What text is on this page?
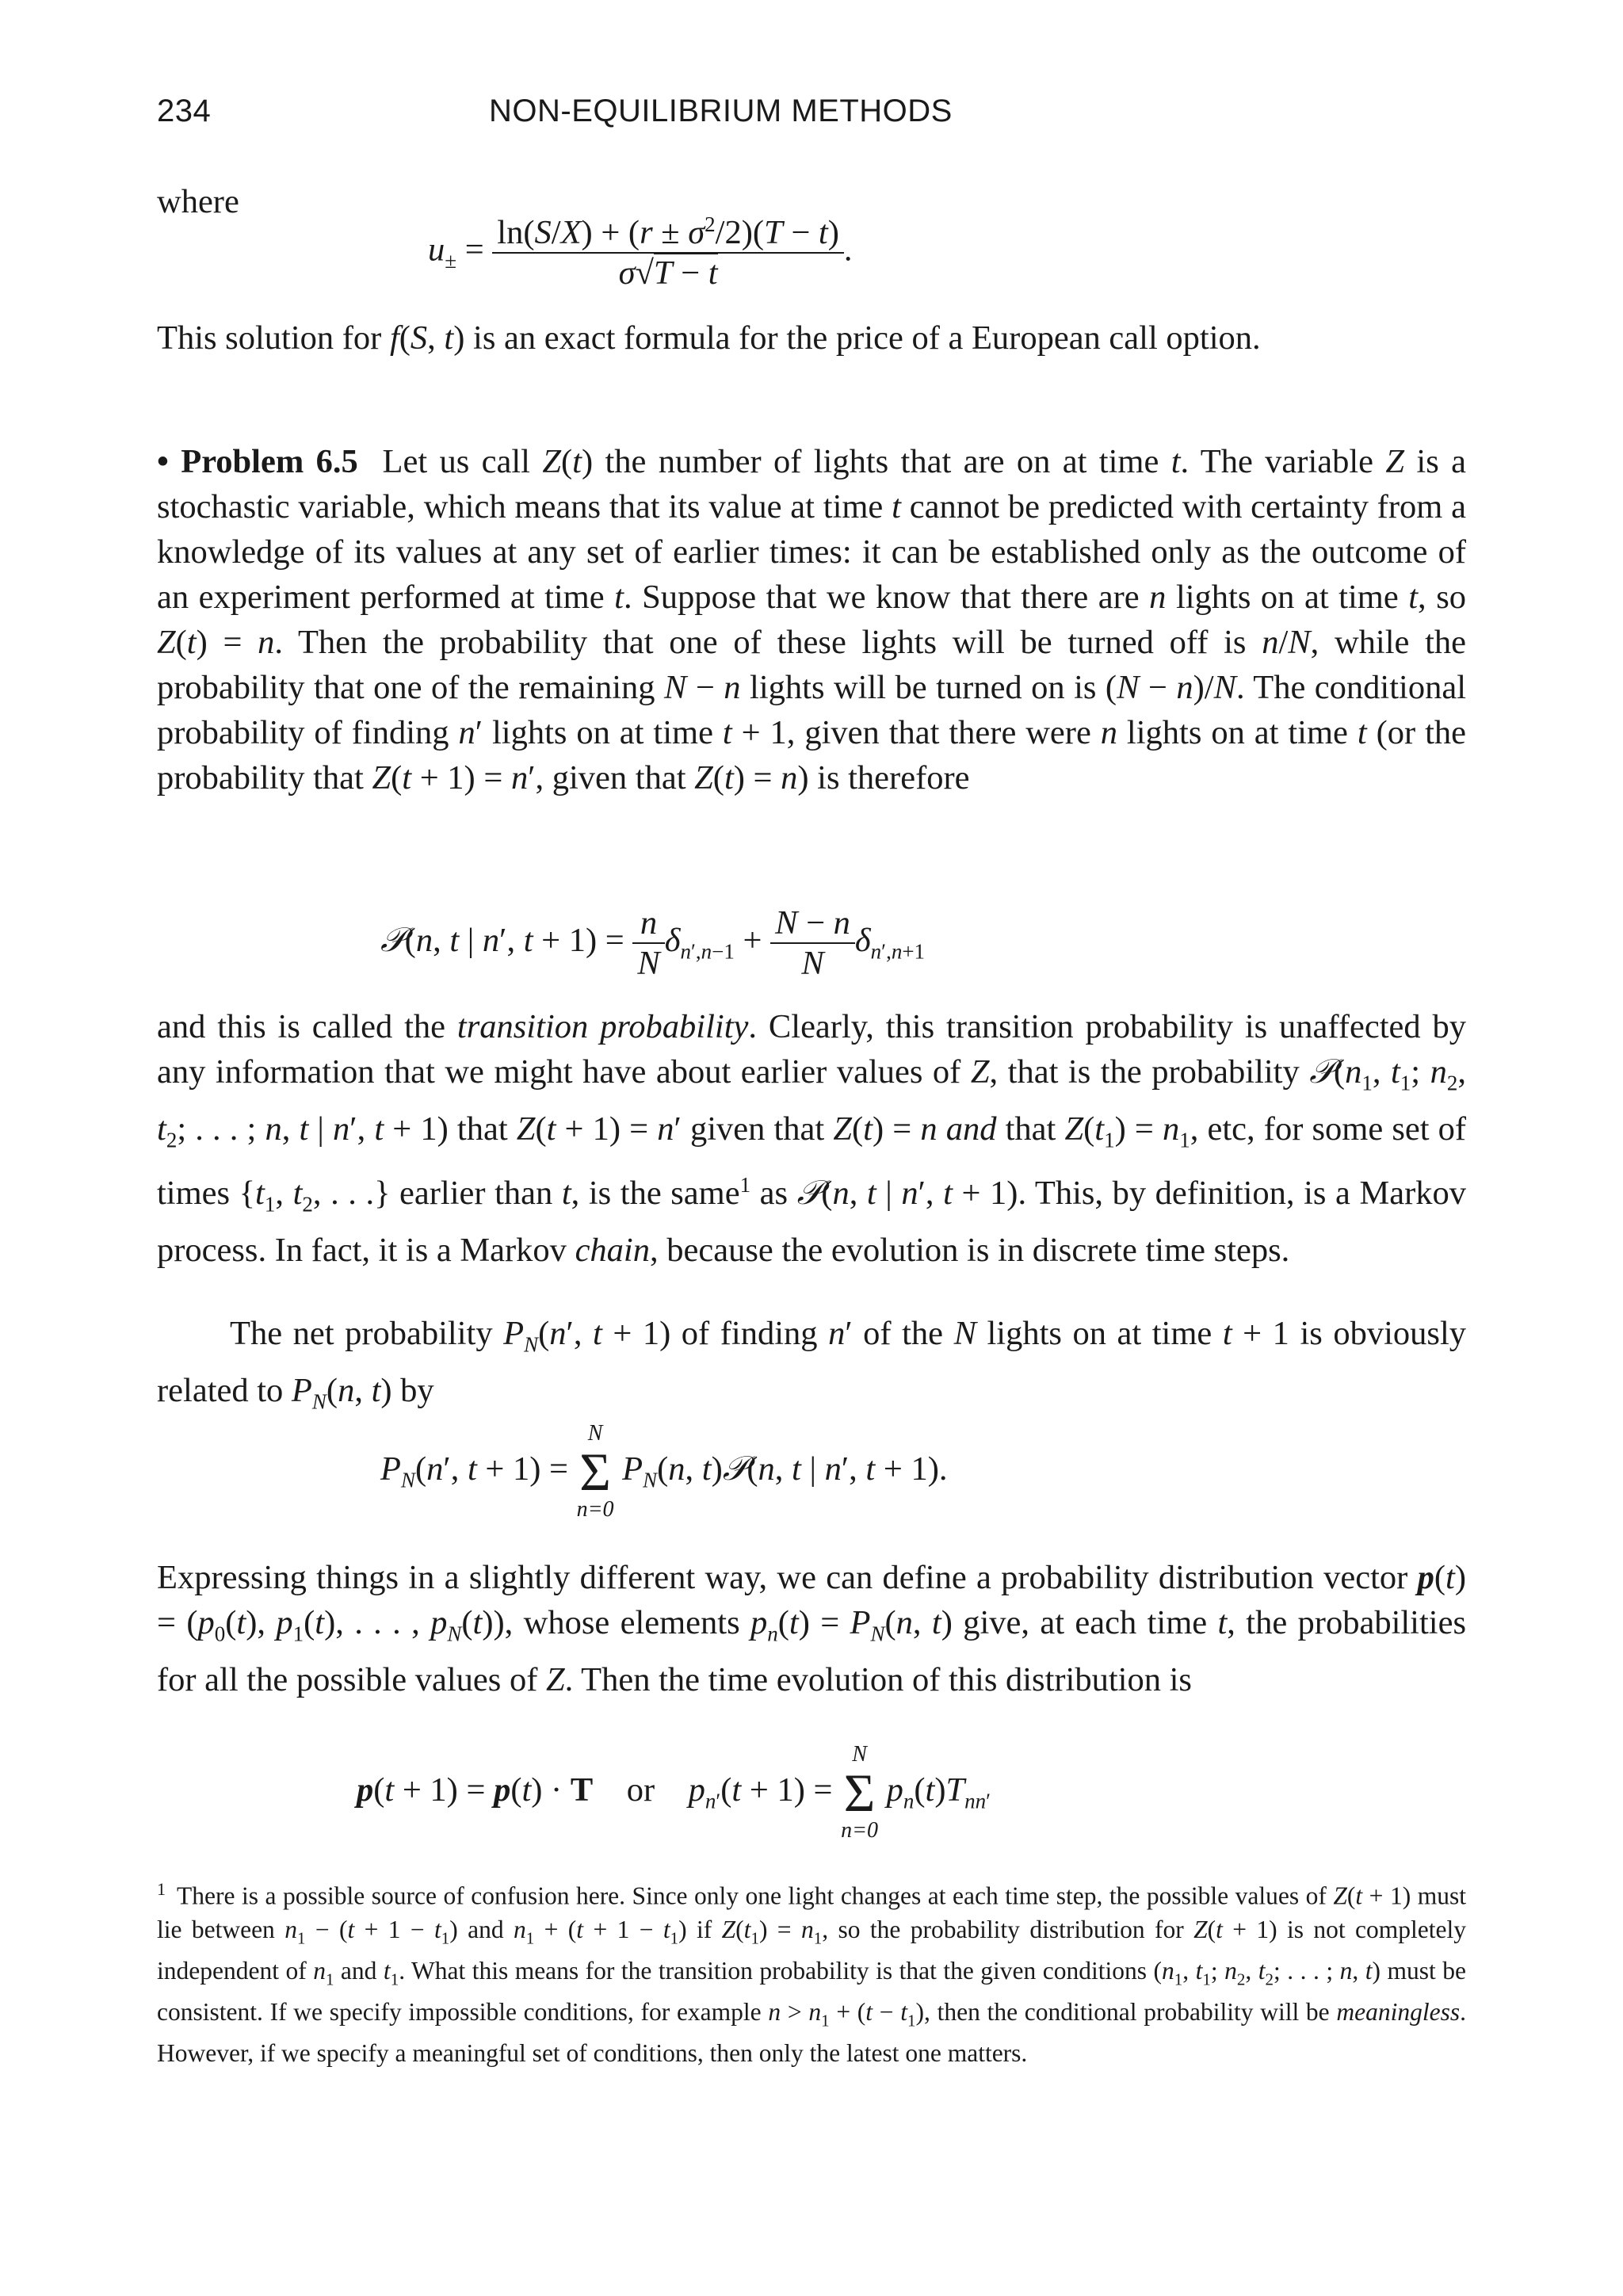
234	NON-EQUILIBRIUM METHODS

where

$u_\pm = \frac{\ln(S/X) + (r \pm \sigma^2/2)(T - t)}{\sigma√T - t}$ .

This solution for f(S, t) is an exact formula for the price of a European call option.

• Problem 6.5  Let us call Z(t) the number of lights that are on at time t. The variable Z is a stochastic variable, which means that its value at time t cannot be predicted with certainty from a knowledge of its values at any set of earlier times: it can be established only as the outcome of an experiment performed at time t. Suppose that we know that there are n lights on at time t, so Z(t) = n. Then the probability that one of these lights will be turned off is n/N, while the probability that one of the remaining N − n lights will be turned on is (N − n)/N. The conditional probability of finding n′ lights on at time t + 1, given that there were n lights on at time t (or the probability that Z(t + 1) = n′, given that Z(t) = n) is therefore

𝒫(n, t | n′, $t + 1) = \frac{n}{N} \delta_{n',n-1} + \frac{N - n}{N} \delta_{n',n+1}$

and this is called the transition probability. Clearly, this transition probability is unaffected by any information that we might have about earlier values of Z, that is the probability $𝒫(n_1$, $t_1$; $n_2$, $t_2$; . . . ; n, t | n′, t + 1) that Z(t + 1) = n′ given that Z(t) = n and that $Z(t_1) = n_1$, etc, for some set of times {$t_1$, $t_2$, . . .} earlier than t, is the same$^1$ as 𝒫(n, t | n′, t + 1). This, by definition, is a Markov process. In fact, it is a Markov chain, because the evolution is in discrete time steps.

The net probability $P_N(n'$, t + 1) of finding n′ of the N lights on at time t + 1 is obviously related to $P_N(n$, t) by

$P_N(n'$, t + 1) =
N
Σ
n=0
$P_N(n$, t)𝒫(n, t | n′, t + 1).

Expressing things in a slightly different way, we can define a probability distribution vector $p(t) = (p_0(t)$, $p_1(t)$, . . . , $p_N(t)$), whose elements $p_n(t) = P_N(n$, t) give, at each time t, the probabilities for all the possible values of Z. Then the time evolution of this distribution is

p(t + 1) = p(t) · T    or    $p_{n'}(t + 1)$ =
N
Σ
n=0
$p_n(t)T_{nn'}$

$^1$ There is a possible source of confusion here. Since only one light changes at each time step, the possible values of Z(t + 1) must lie between $n_1 - (t + 1 - t_1)$ and $n_1 + (t + 1 - t_1)$ if $Z(t_1) = n_1$, so the probability distribution for Z(t + 1) is not completely independent of $n_1$ and $t_1$. What this means for the transition probability is that the given conditions ($n_1$, $t_1$; $n_2$, $t_2$; . . . ; n, t) must be consistent. If we specify impossible conditions, for example $n > n_1 + (t - t_1)$, then the conditional probability will be meaningless. However, if we specify a meaningful set of conditions, then only the latest one matters.
